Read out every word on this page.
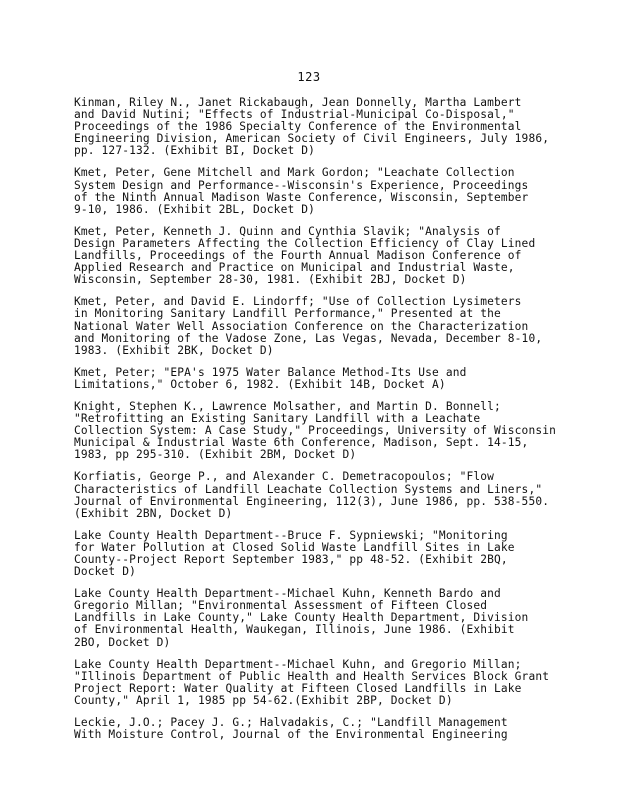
123
Kinman, Riley N., Janet Rickabaugh, Jean Donnelly, Martha Lambert
and David Nutini; "Effects of Industrial-Municipal Co-Disposal,"
Proceedings of the 1986 Specialty Conference of the Environmental
Engineering Division, American Society of Civil Engineers, July 1986,
pp. 127-132. (Exhibit BI, Docket D)
Kmet, Peter, Gene Mitchell and Mark Gordon; "Leachate Collection
System Design and Performance--Wisconsin's Experience, Proceedings
of the Ninth Annual Madison Waste Conference, Wisconsin, September
9-10, 1986. (Exhibit 2BL, Docket D)
Kmet, Peter, Kenneth J. Quinn and Cynthia Slavik; "Analysis of
Design Parameters Affecting the Collection Efficiency of Clay Lined
Landfills, Proceedings of the Fourth Annual Madison Conference of
Applied Research and Practice on Municipal and Industrial Waste,
Wisconsin, September 28-30, 1981. (Exhibit 2BJ, Docket D)
Kmet, Peter, and David E. Lindorff; "Use of Collection Lysimeters
in Monitoring Sanitary Landfill Performance," Presented at the
National Water Well Association Conference on the Characterization
and Monitoring of the Vadose Zone, Las Vegas, Nevada, December 8-10,
1983. (Exhibit 2BK, Docket D)
Kmet, Peter; "EPA's 1975 Water Balance Method-Its Use and
Limitations," October 6, 1982. (Exhibit 14B, Docket A)
Knight, Stephen K., Lawrence Molsather, and Martin D. Bonnell;
"Retrofitting an Existing Sanitary Landfill with a Leachate
Collection System: A Case Study," Proceedings, University of Wisconsin
Municipal & Industrial Waste 6th Conference, Madison, Sept. 14-15,
1983, pp 295-310. (Exhibit 2BM, Docket D)
Korfiatis, George P., and Alexander C. Demetracopoulos; "Flow
Characteristics of Landfill Leachate Collection Systems and Liners,"
Journal of Environmental Engineering, 112(3), June 1986, pp. 538-550.
(Exhibit 2BN, Docket D)
Lake County Health Department--Bruce F. Sypniewski; "Monitoring
for Water Pollution at Closed Solid Waste Landfill Sites in Lake
County--Project Report September 1983," pp 48-52. (Exhibit 2BQ,
Docket D)
Lake County Health Department--Michael Kuhn, Kenneth Bardo and
Gregorio Millan; "Environmental Assessment of Fifteen Closed
Landfills in Lake County," Lake County Health Department, Division
of Environmental Health, Waukegan, Illinois, June 1986. (Exhibit
2BO, Docket D)
Lake County Health Department--Michael Kuhn, and Gregorio Millan;
"Illinois Department of Public Health and Health Services Block Grant
Project Report: Water Quality at Fifteen Closed Landfills in Lake
County," April 1, 1985 pp 54-62.(Exhibit 2BP, Docket D)
Leckie, J.O.; Pacey J. G.; Halvadakis, C.; "Landfill Management
With Moisture Control, Journal of the Environmental Engineering
